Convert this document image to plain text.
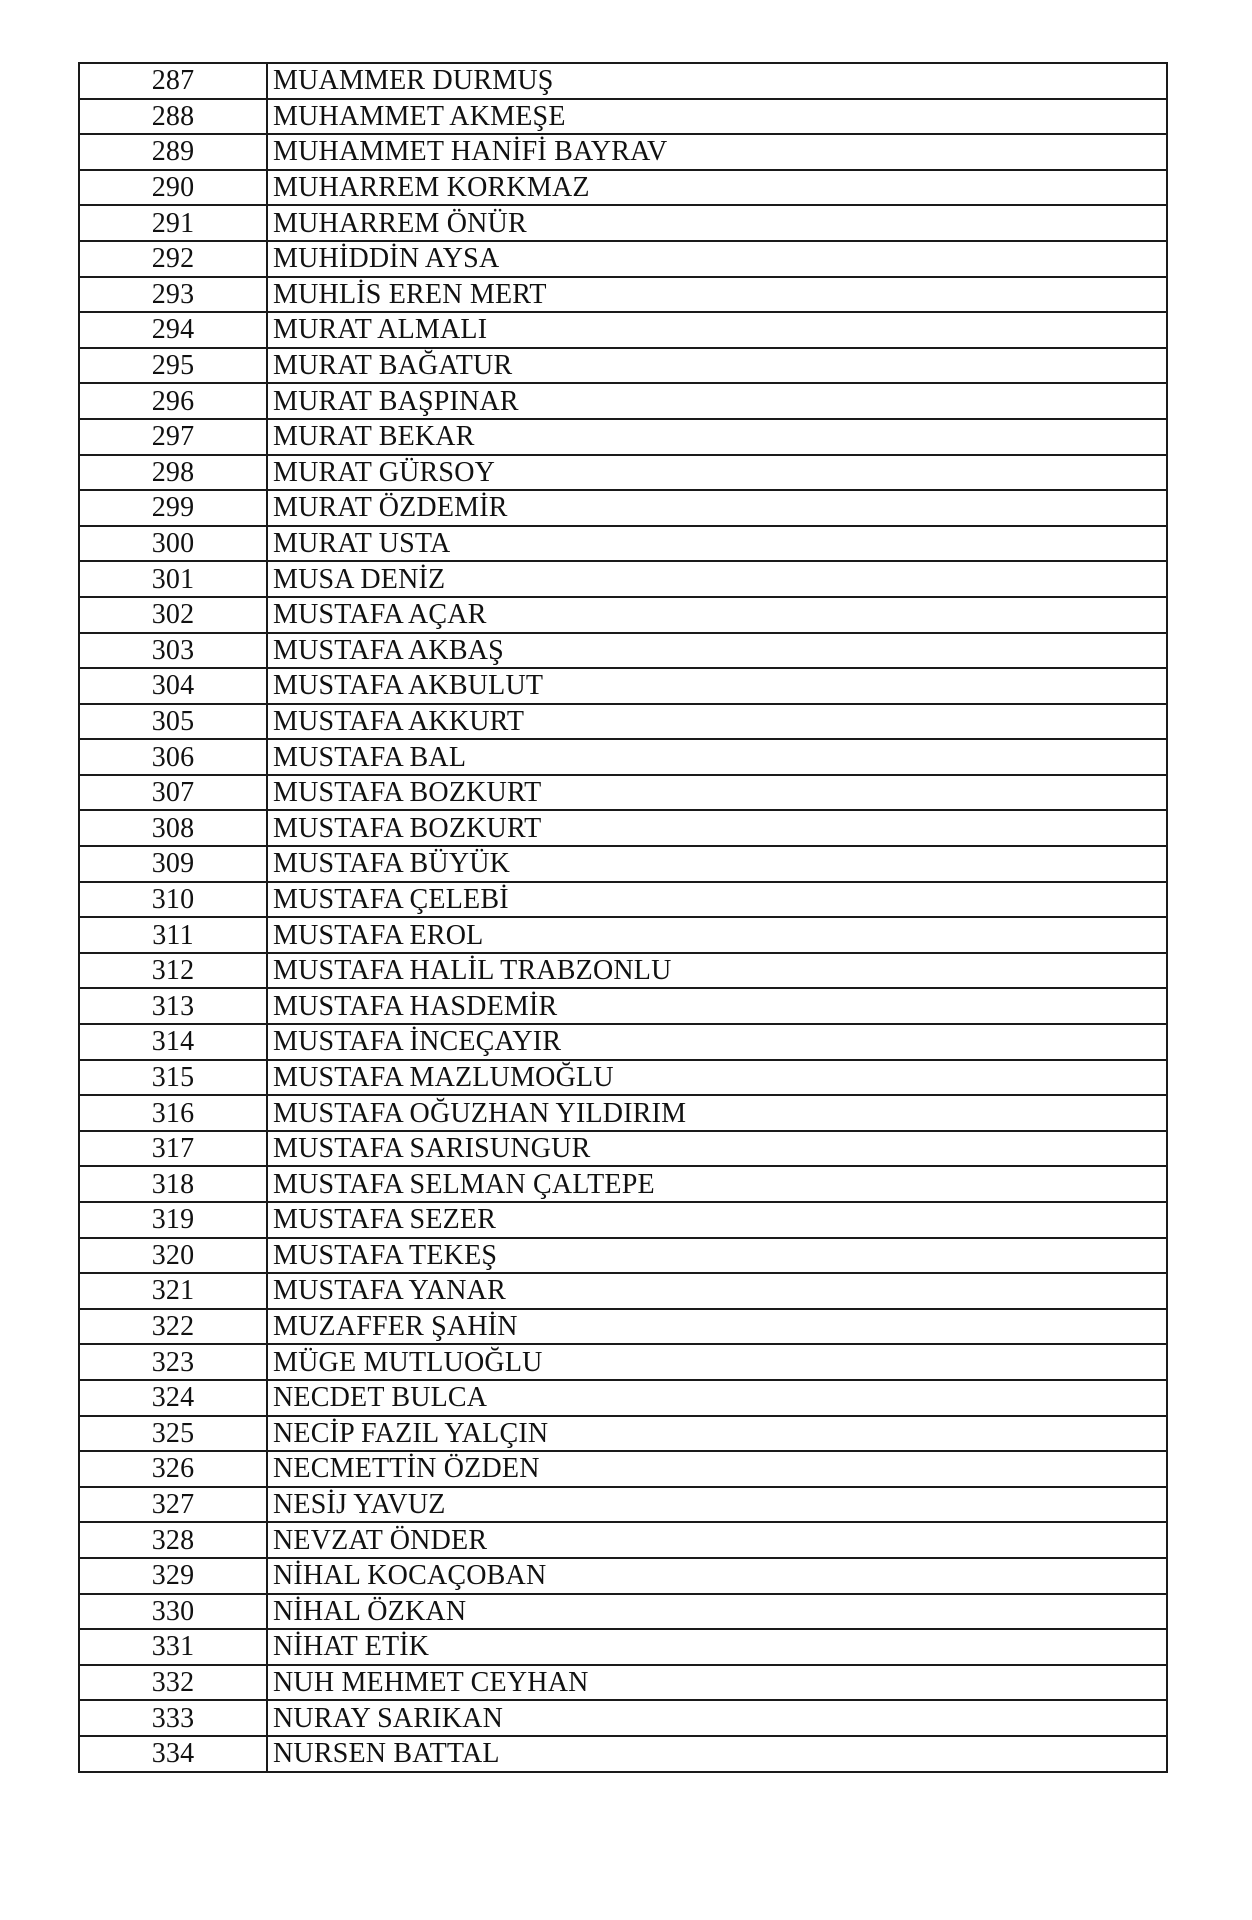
287	MUAMMER DURMUŞ
288	MUHAMMET AKMEŞE
289	MUHAMMET HANİFİ BAYRAV
290	MUHARREM KORKMAZ
291	MUHARREM ÖNÜR
292	MUHİDDİN AYSA
293	MUHLİS EREN MERT
294	MURAT ALMALI
295	MURAT BAĞATUR
296	MURAT BAŞPINAR
297	MURAT BEKAR
298	MURAT GÜRSOY
299	MURAT ÖZDEMİR
300	MURAT USTA
301	MUSA DENİZ
302	MUSTAFA AÇAR
303	MUSTAFA AKBAŞ
304	MUSTAFA AKBULUT
305	MUSTAFA AKKURT
306	MUSTAFA BAL
307	MUSTAFA BOZKURT
308	MUSTAFA BOZKURT
309	MUSTAFA BÜYÜK
310	MUSTAFA ÇELEBİ
311	MUSTAFA EROL
312	MUSTAFA HALİL TRABZONLU
313	MUSTAFA HASDEMİR
314	MUSTAFA İNCEÇAYIR
315	MUSTAFA MAZLUMOĞLU
316	MUSTAFA OĞUZHAN YILDIRIM
317	MUSTAFA SARISUNGUR
318	MUSTAFA SELMAN ÇALTEPE
319	MUSTAFA SEZER
320	MUSTAFA TEKEŞ
321	MUSTAFA YANAR
322	MUZAFFER ŞAHİN
323	MÜGE MUTLUOĞLU
324	NECDET BULCA
325	NECİP FAZIL YALÇIN
326	NECMETTİN ÖZDEN
327	NESİJ YAVUZ
328	NEVZAT ÖNDER
329	NİHAL KOCAÇOBAN
330	NİHAL ÖZKAN
331	NİHAT ETİK
332	NUH MEHMET CEYHAN
333	NURAY SARIKAN
334	NURSEN BATTAL
